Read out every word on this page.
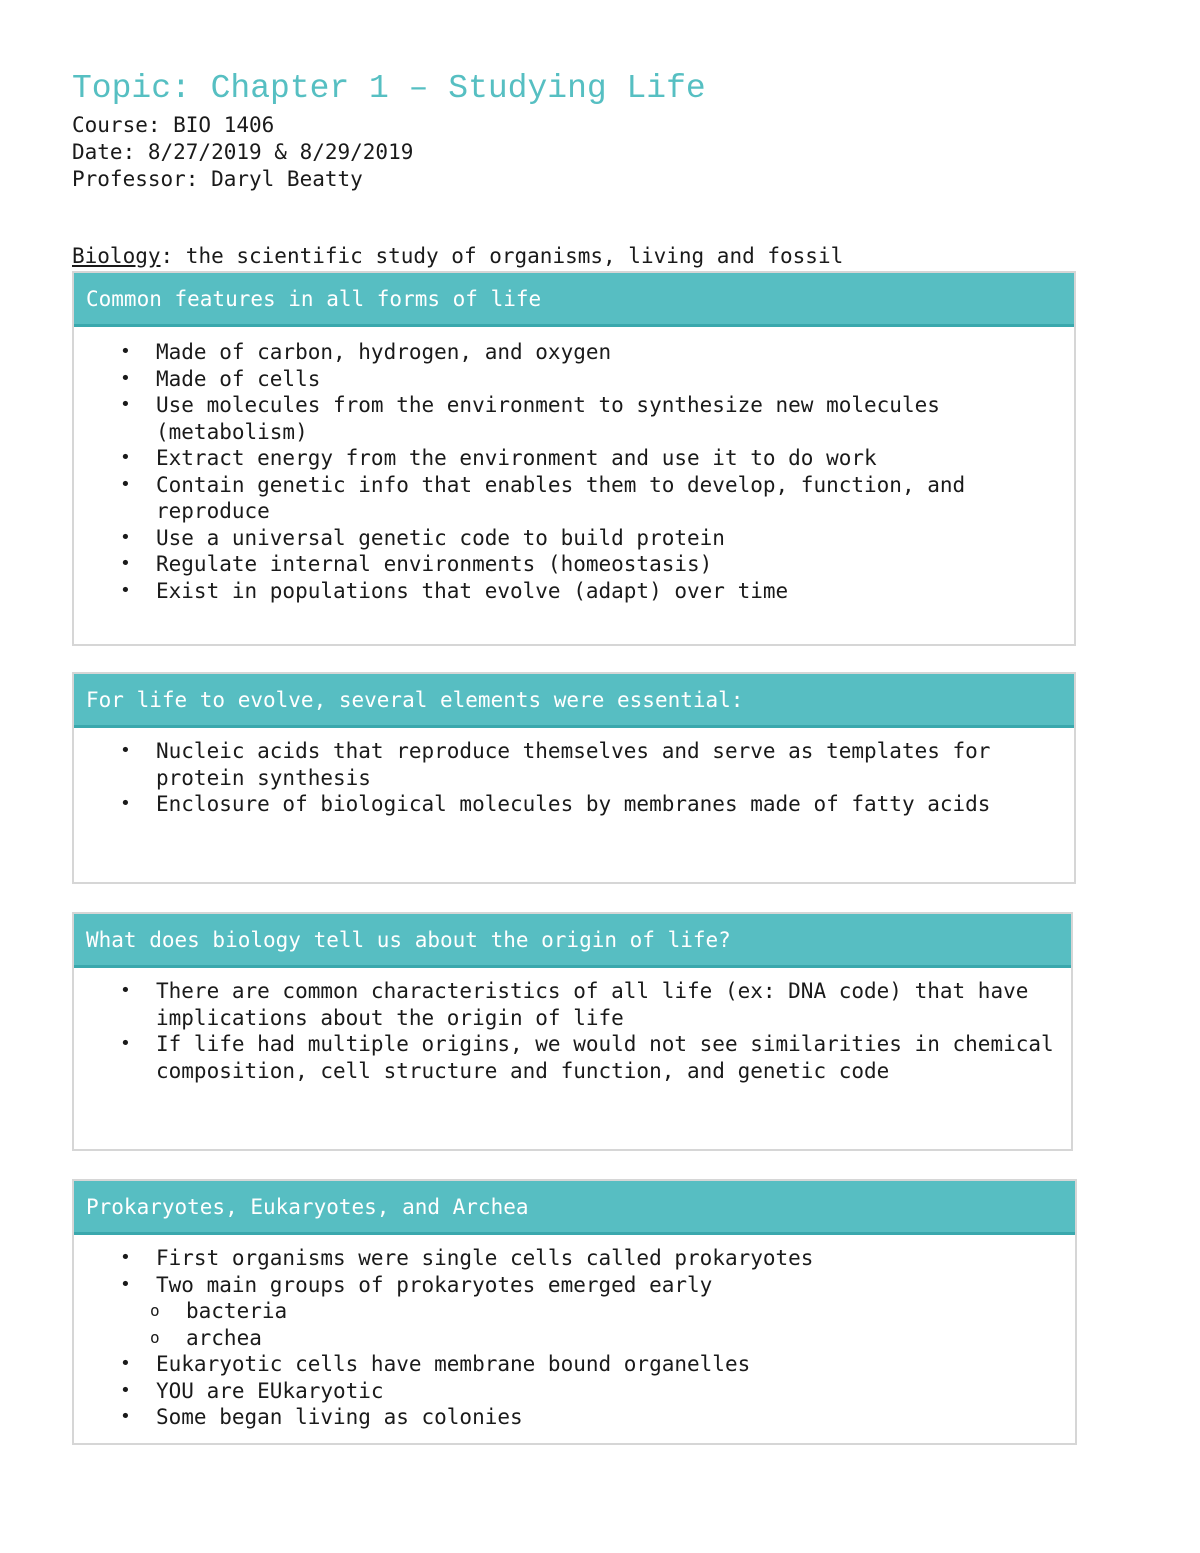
Topic: Chapter 1 – Studying Life
Course: BIO 1406
Date: 8/27/2019 & 8/29/2019
Professor: Daryl Beatty
Biology: the scientific study of organisms, living and fossil
Common features in all forms of life
• Made of carbon, hydrogen, and oxygen
• Made of cells
• Use molecules from the environment to synthesize new molecules (metabolism)
• Extract energy from the environment and use it to do work
• Contain genetic info that enables them to develop, function, and reproduce
• Use a universal genetic code to build protein
• Regulate internal environments (homeostasis)
• Exist in populations that evolve (adapt) over time
For life to evolve, several elements were essential:
• Nucleic acids that reproduce themselves and serve as templates for protein synthesis
• Enclosure of biological molecules by membranes made of fatty acids
What does biology tell us about the origin of life?
• There are common characteristics of all life (ex: DNA code) that have implications about the origin of life
• If life had multiple origins, we would not see similarities in chemical composition, cell structure and function, and genetic code
Prokaryotes, Eukaryotes, and Archea
• First organisms were single cells called prokaryotes
• Two main groups of prokaryotes emerged early
o bacteria
o archea
• Eukaryotic cells have membrane bound organelles
• YOU are EUkaryotic
• Some began living as colonies
